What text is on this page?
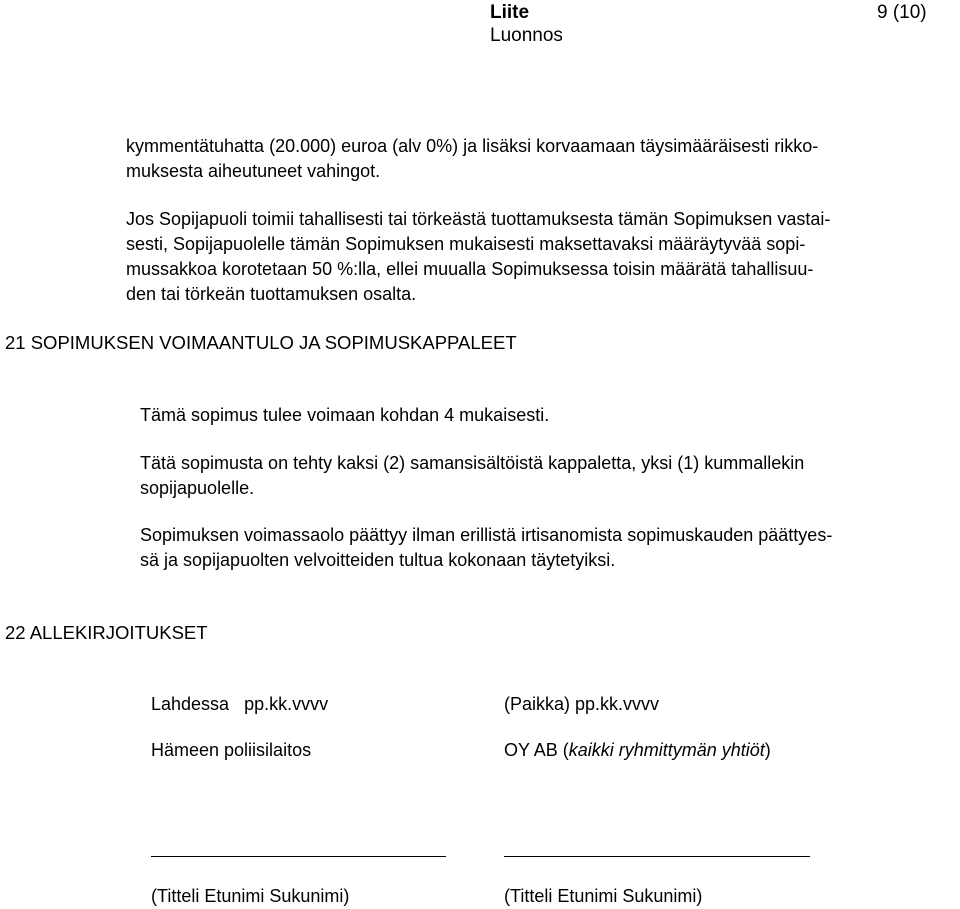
Liite	9 (10)
Luonnos
kymmentätuhatta (20.000) euroa (alv 0%) ja lisäksi korvaamaan täysimääräisesti rikko-
muksesta aiheutuneet vahingot.
Jos Sopijapuoli toimii tahallisesti tai törkeästä tuottamuksesta tämän Sopimuksen vastai-
sesti, Sopijapuolelle tämän Sopimuksen mukaisesti maksettavaksi määräytyvää sopi-
mussakkoa korotetaan 50 %:lla, ellei muualla Sopimuksessa toisin määrätä tahallisuu-
den tai törkeän tuottamuksen osalta.
21 SOPIMUKSEN VOIMAANTULO JA SOPIMUSKAPPALEET
Tämä sopimus tulee voimaan kohdan 4 mukaisesti.
Tätä sopimusta on tehty kaksi (2) samansisältöistä kappaletta, yksi (1) kummallekin
sopijapuolelle.
Sopimuksen voimassaolo päättyy ilman erillistä irtisanomista sopimuskauden päättyes-
sä ja sopijapuolten velvoitteiden tultua kokonaan täytetyiksi.
22 ALLEKIRJOITUKSET
Lahdessa   pp.kk.vvvv
Hämeen poliisilaitos
(Titteli Etunimi Sukunimi)
(Paikka) pp.kk.vvvv
OY AB (kaikki ryhmittymän yhtiöt)
(Titteli Etunimi Sukunimi)
